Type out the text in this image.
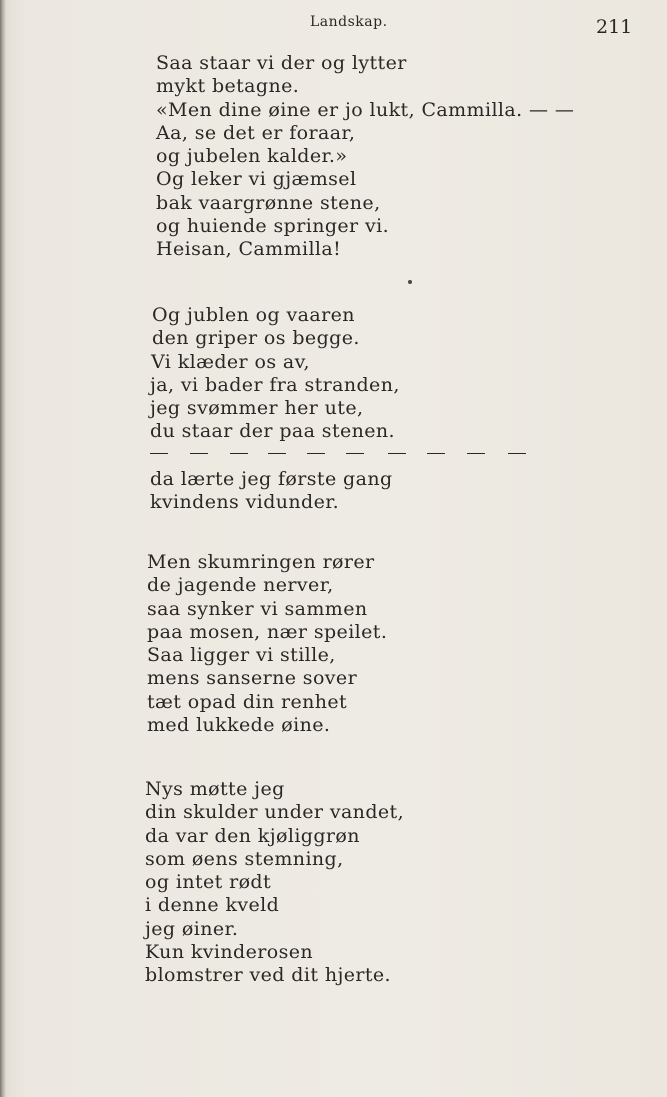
Landskap.	211
Saa staar vi der og lytter
mykt betagne.
«Men dine øine er jo lukt, Cammilla. — —
Aa, se det er foraar,
og jubelen kalder.»
Og leker vi gjæmsel
bak vaargrønne stene,
og huiende springer vi.
Heisan, Cammilla!
Og jublen og vaaren
den griper os begge.
Vi klæder os av,
ja, vi bader fra stranden,
jeg svømmer her ute,
du staar der paa stenen.
da lærte jeg første gang
kvindens vidunder.
Men skumringen rører
de jagende nerver,
saa synker vi sammen
paa mosen, nær speilet.
Saa ligger vi stille,
mens sanserne sover
tæt opad din renhet
med lukkede øine.
Nys møtte jeg
din skulder under vandet,
da var den kjøliggrøn
som øens stemning,
og intet rødt
i denne kveld
jeg øiner.
Kun kvinderosen
blomstrer ved dit hjerte.
